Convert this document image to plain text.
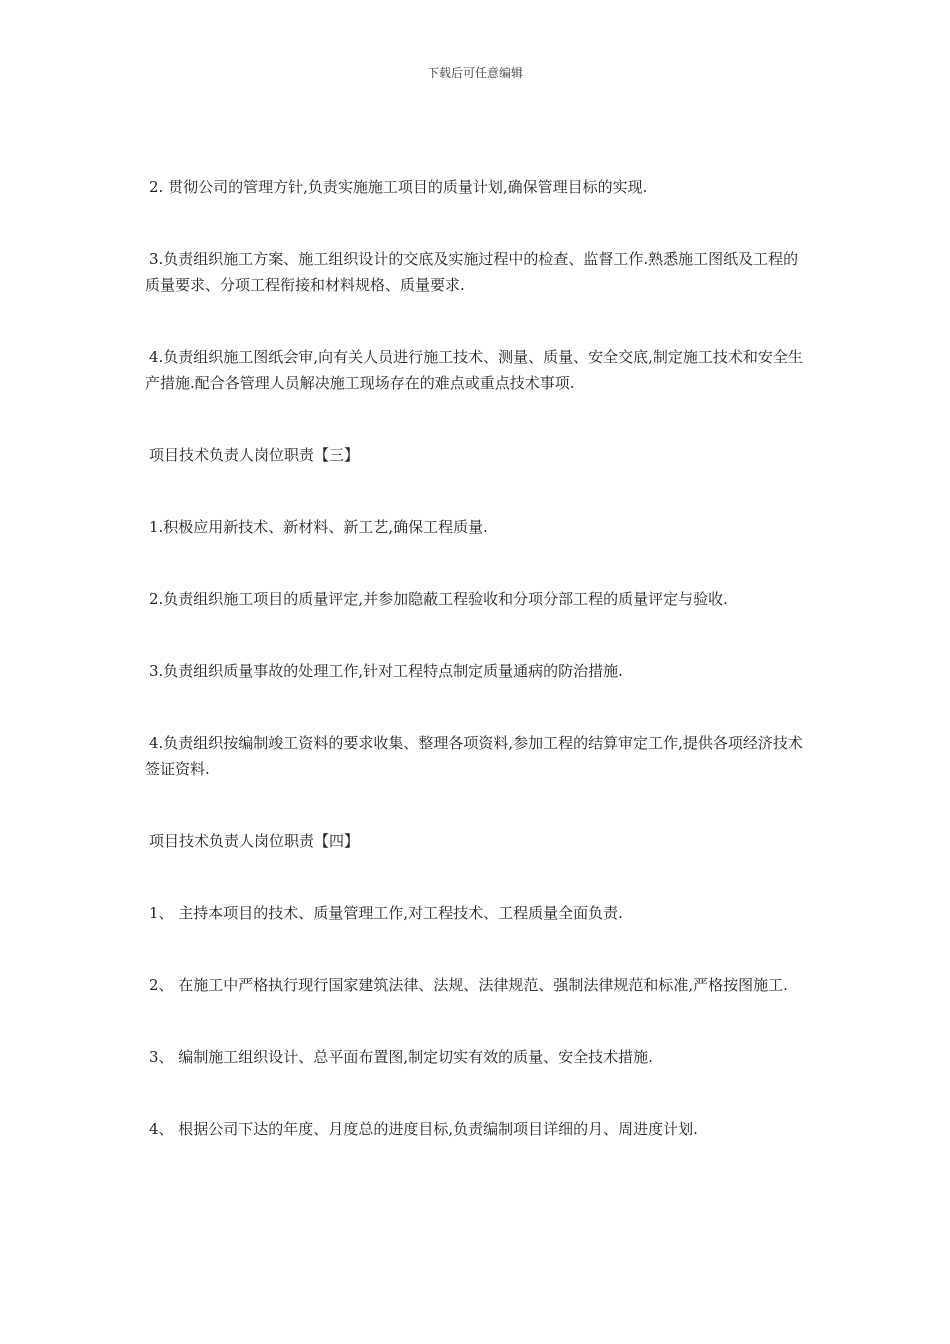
下载后可任意编辑

2. 贯彻公司的管理方针,负责实施施工项目的质量计划,确保管理目标的实现.

3.负责组织施工方案、施工组织设计的交底及实施过程中的检查、监督工作.熟悉施工图纸及工程的质量要求、分项工程衔接和材料规格、质量要求.

4.负责组织施工图纸会审,向有关人员进行施工技术、测量、质量、安全交底,制定施工技术和安全生产措施.配合各管理人员解决施工现场存在的难点或重点技术事项.

项目技术负责人岗位职责【三】

1.积极应用新技术、新材料、新工艺,确保工程质量.

2.负责组织施工项目的质量评定,并参加隐蔽工程验收和分项分部工程的质量评定与验收.

3.负责组织质量事故的处理工作,针对工程特点制定质量通病的防治措施.

4.负责组织按编制竣工资料的要求收集、整理各项资料,参加工程的结算审定工作,提供各项经济技术签证资料.

项目技术负责人岗位职责【四】

1、 主持本项目的技术、质量管理工作,对工程技术、工程质量全面负责.

2、 在施工中严格执行现行国家建筑法律、法规、法律规范、强制法律规范和标准,严格按图施工.

3、 编制施工组织设计、总平面布置图,制定切实有效的质量、安全技术措施.

4、 根据公司下达的年度、月度总的进度目标,负责编制项目详细的月、周进度计划.
